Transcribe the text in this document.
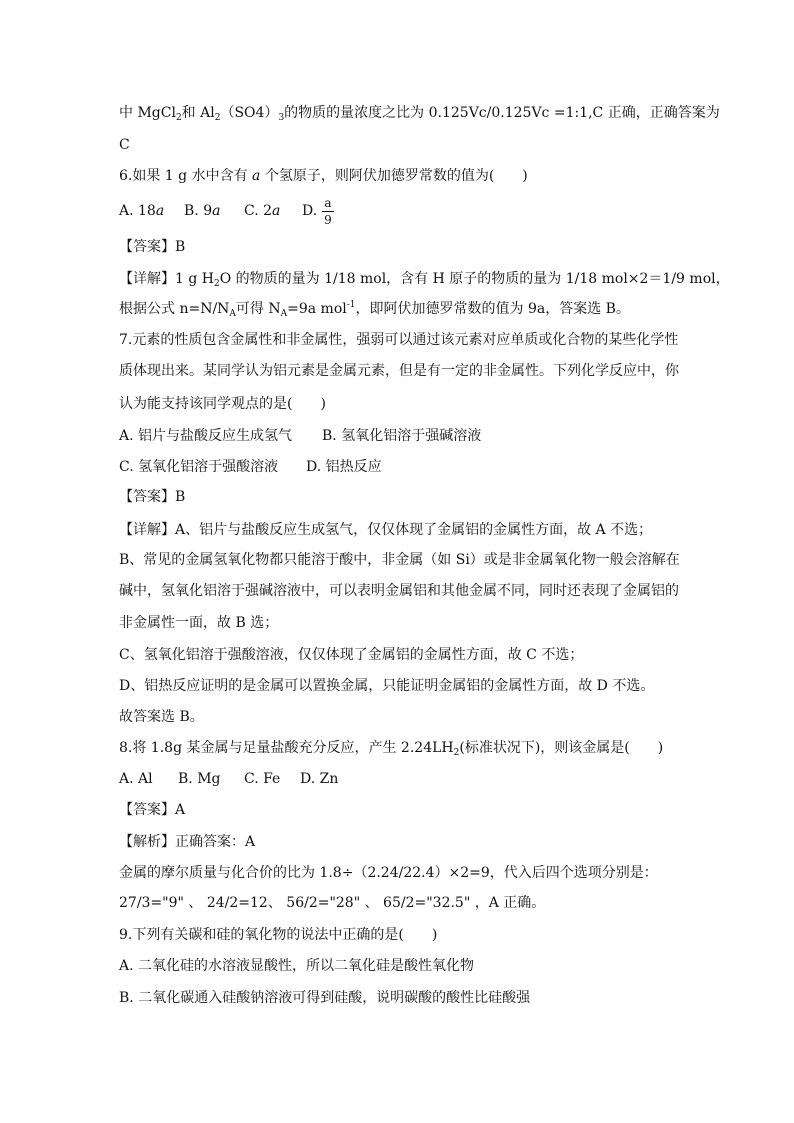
中 MgCl$_2$和 $Al_2(SO4)_3$的物质的量浓度之比为 0.125Vc/0.125Vc =1:1,C 正确，正确答案为
C
6.如果 1 g 水中含有 a 个氢原子，则阿伏加德罗常数的值为(　　)
A. 18a B. 9a C. 2a D. a
9
【答案】B
【详解】1 g $H_2O$ 的物质的量为 1/18 mol，含有 H 原子的物质的量为 1/18 mol×2＝1/9 mol，
根据公式 $n=N/N_A$可得 $N_A=9a$ mol$^{-1}$，即阿伏加德罗常数的值为 9a，答案选 B。
7.元素的性质包含金属性和非金属性，强弱可以通过该元素对应单质或化合物的某些化学性
质体现出来。某同学认为铝元素是金属元素，但是有一定的非金属性。下列化学反应中，你
认为能支持该同学观点的是(　　)
A. 铝片与盐酸反应生成氢气 B. 氢氧化铝溶于强碱溶液
C. 氢氧化铝溶于强酸溶液 D. 铝热反应
【答案】B
【详解】A、铝片与盐酸反应生成氢气，仅仅体现了金属铝的金属性方面，故 A 不选；
B、常见的金属氢氧化物都只能溶于酸中，非金属（如 Si）或是非金属氧化物一般会溶解在
碱中，氢氧化铝溶于强碱溶液中，可以表明金属铝和其他金属不同，同时还表现了金属铝的
非金属性一面，故 B 选；
C、氢氧化铝溶于强酸溶液，仅仅体现了金属铝的金属性方面，故 C 不选；
D、铝热反应证明的是金属可以置换金属，只能证明金属铝的金属性方面，故 D 不选。
故答案选 B。
8.将 1.8g 某金属与足量盐酸充分反应，产生 $2.24LH_2$(标准状况下)，则该金属是(　　)
A. Al B. Mg C. Fe D. Zn
【答案】A
【解析】正确答案：A
金属的摩尔质量与化合价的比为 1.8÷（2.24/22.4）×2=9，代入后四个选项分别是：
27/3="9" 、 24/2=12、 56/2="28" 、 65/2="32.5" ，A 正确。
9.下列有关碳和硅的氧化物的说法中正确的是(　　)
A. 二氧化硅的水溶液显酸性，所以二氧化硅是酸性氧化物
B. 二氧化碳通入硅酸钠溶液可得到硅酸，说明碳酸的酸性比硅酸强
